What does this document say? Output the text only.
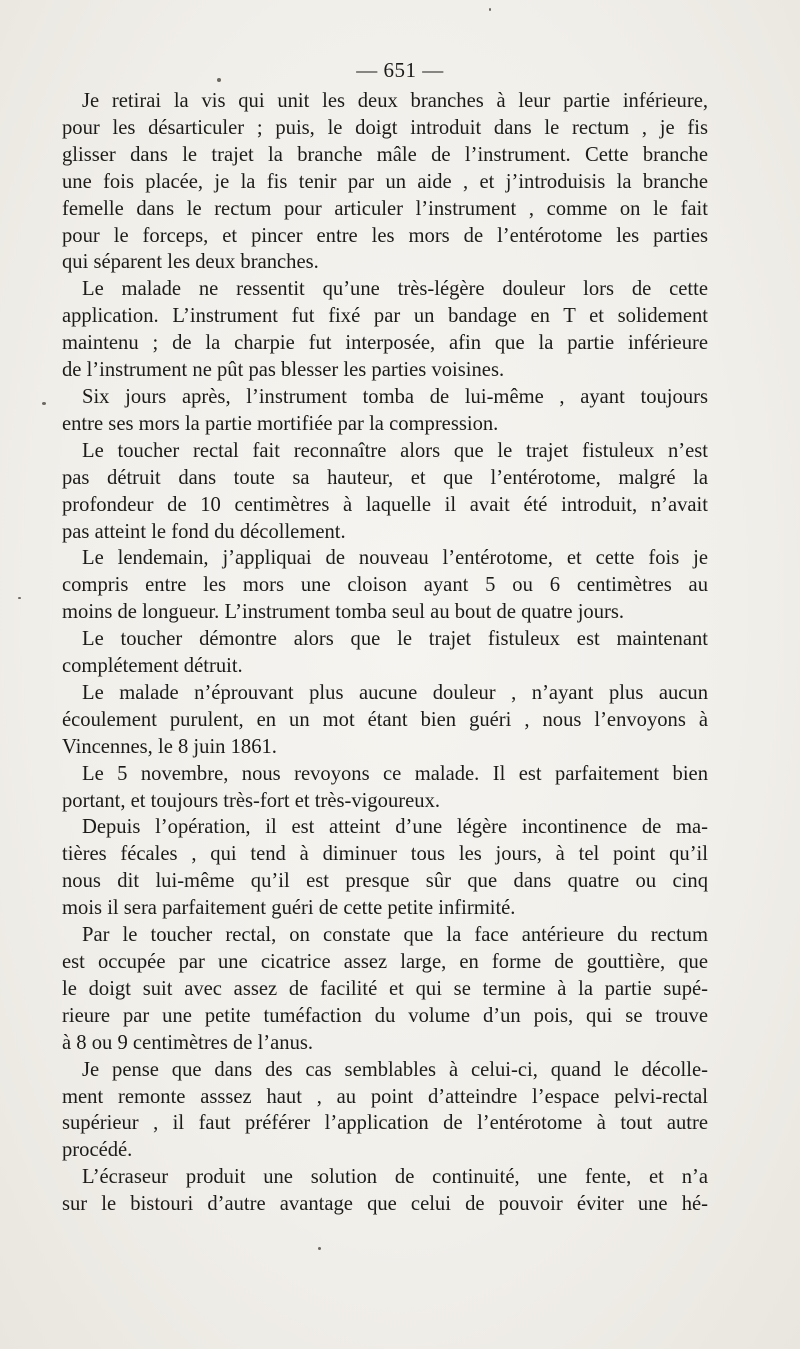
— 651 —
Je retirai la vis qui unit les deux branches à leur partie inférieure,
pour les désarticuler ; puis, le doigt introduit dans le rectum , je fis
glisser dans le trajet la branche mâle de l’instrument. Cette branche
une fois placée, je la fis tenir par un aide , et j’introduisis la branche
femelle dans le rectum pour articuler l’instrument , comme on le fait
pour le forceps, et pincer entre les mors de l’entérotome les parties
qui séparent les deux branches.
Le malade ne ressentit qu’une très-légère douleur lors de cette
application. L’instrument fut fixé par un bandage en T et solidement
maintenu ; de la charpie fut interposée, afin que la partie inférieure
de l’instrument ne pût pas blesser les parties voisines.
Six jours après, l’instrument tomba de lui-même , ayant toujours
entre ses mors la partie mortifiée par la compression.
Le toucher rectal fait reconnaître alors que le trajet fistuleux n’est
pas détruit dans toute sa hauteur, et que l’entérotome, malgré la
profondeur de 10 centimètres à laquelle il avait été introduit, n’avait
pas atteint le fond du décollement.
Le lendemain, j’appliquai de nouveau l’entérotome, et cette fois je
compris entre les mors une cloison ayant 5 ou 6 centimètres au
moins de longueur. L’instrument tomba seul au bout de quatre jours.
Le toucher démontre alors que le trajet fistuleux est maintenant
complétement détruit.
Le malade n’éprouvant plus aucune douleur , n’ayant plus aucun
écoulement purulent, en un mot étant bien guéri , nous l’envoyons à
Vincennes, le 8 juin 1861.
Le 5 novembre, nous revoyons ce malade. Il est parfaitement bien
portant, et toujours très-fort et très-vigoureux.
Depuis l’opération, il est atteint d’une légère incontinence de ma-
tières fécales , qui tend à diminuer tous les jours, à tel point qu’il
nous dit lui-même qu’il est presque sûr que dans quatre ou cinq
mois il sera parfaitement guéri de cette petite infirmité.
Par le toucher rectal, on constate que la face antérieure du rectum
est occupée par une cicatrice assez large, en forme de gouttière, que
le doigt suit avec assez de facilité et qui se termine à la partie supé-
rieure par une petite tuméfaction du volume d’un pois, qui se trouve
à 8 ou 9 centimètres de l’anus.
Je pense que dans des cas semblables à celui-ci, quand le décolle-
ment remonte asssez haut , au point d’atteindre l’espace pelvi-rectal
supérieur , il faut préférer l’application de l’entérotome à tout autre
procédé.
L’écraseur produit une solution de continuité, une fente, et n’a
sur le bistouri d’autre avantage que celui de pouvoir éviter une hé-
